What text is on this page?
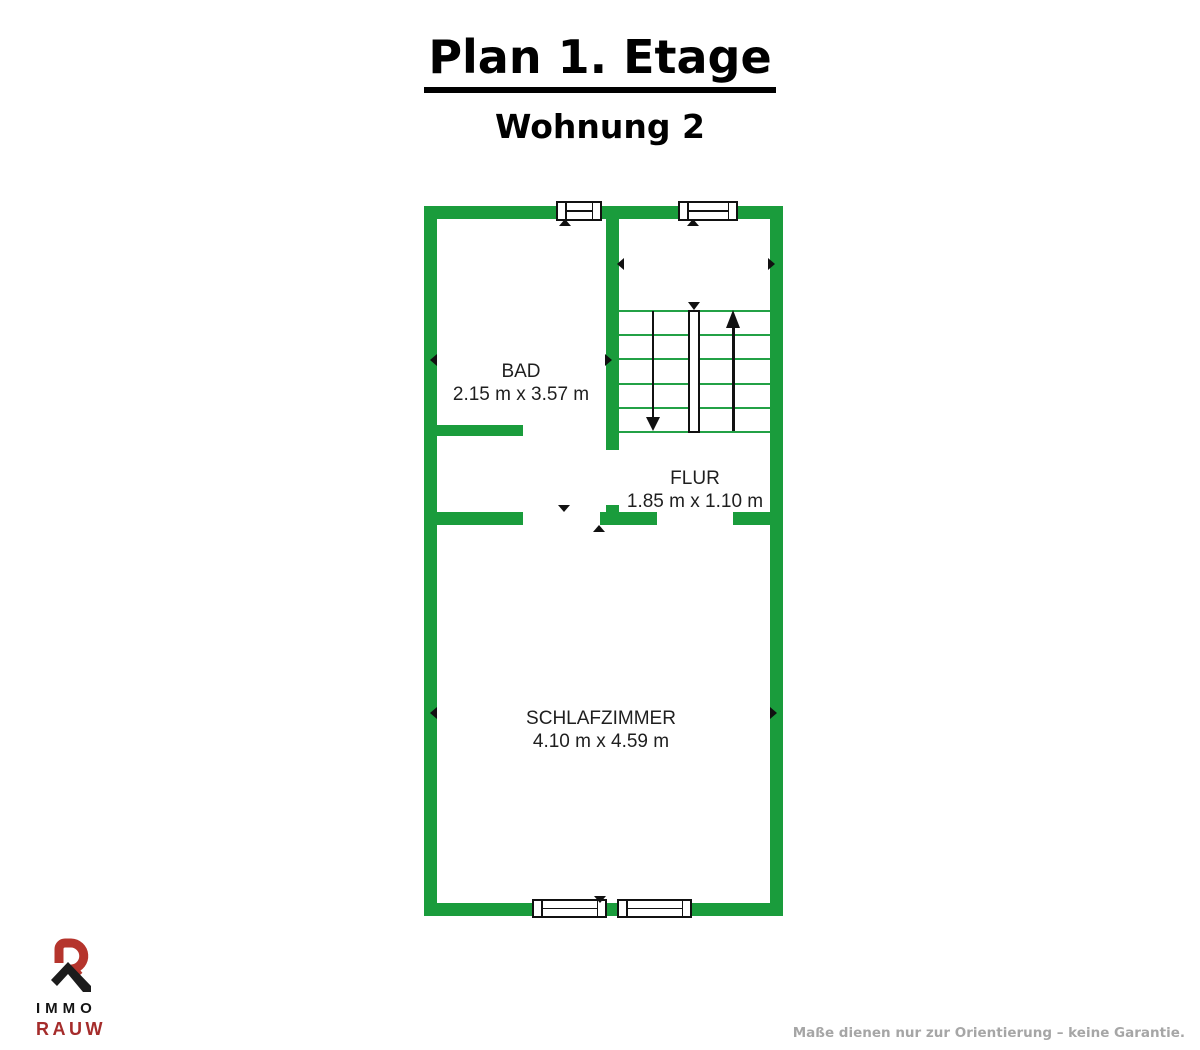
Plan 1. Etage
Wohnung 2
BAD
2.15 m x 3.57 m
FLUR
1.85 m x 1.10 m
SCHLAFZIMMER
4.10 m x 4.59 m
IMMO
RAUW	Maße dienen nur zur Orientierung – keine Garantie.
